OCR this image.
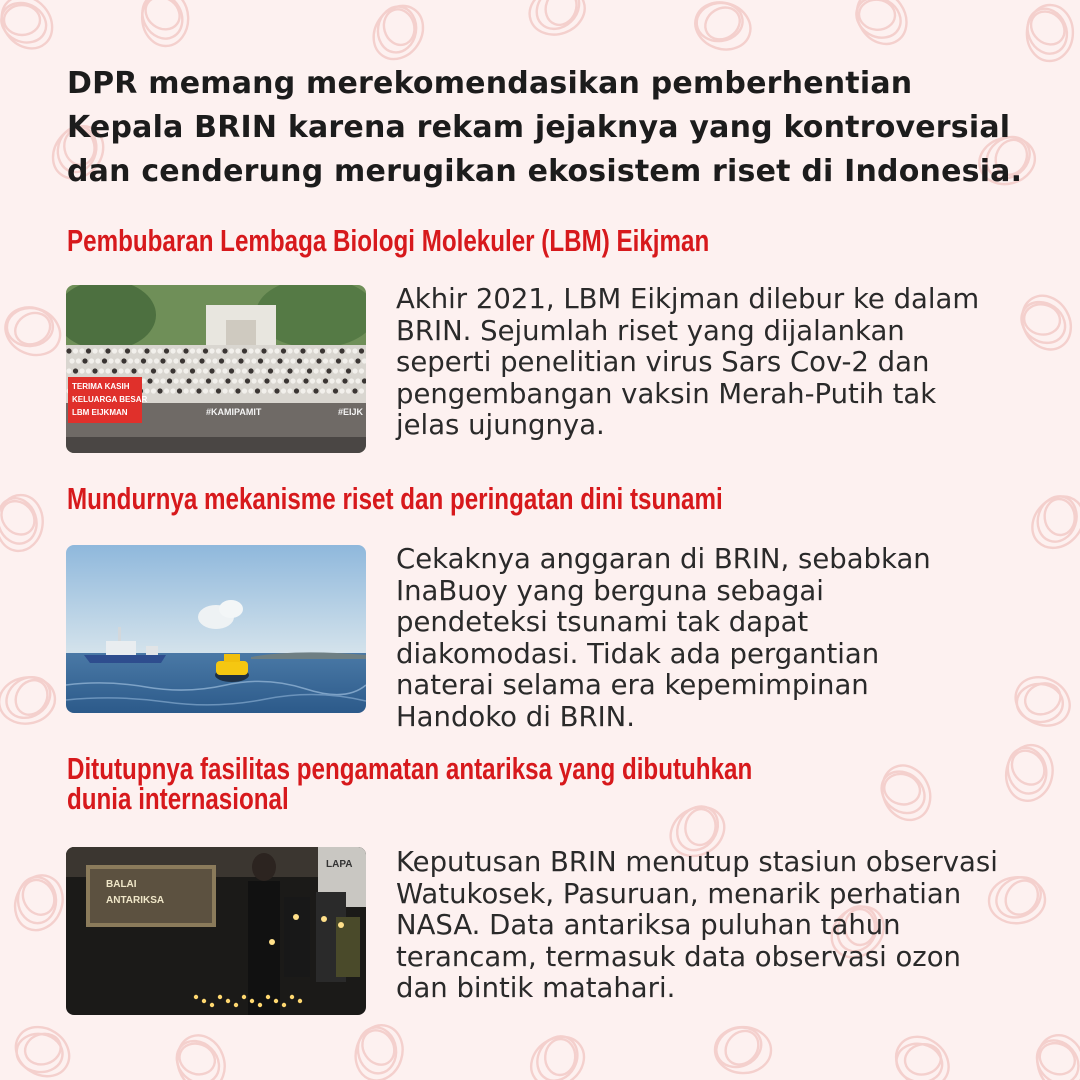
DPR memang merekomendasikan pemberhentian Kepala BRIN karena rekam jejaknya yang kontroversial dan cenderung merugikan ekosistem riset di Indonesia.

Pembubaran Lembaga Biologi Molekuler (LBM) Eikjman
TERIMA KASIH
KELUARGA BESAR
LBM EIJKMAN	#KAMIPAMIT	#EIJK

Akhir 2021, LBM Eikjman dilebur ke dalam
BRIN. Sejumlah riset yang dijalankan
seperti penelitian virus Sars Cov-2 dan
pengembangan vaksin Merah-Putih tak
jelas ujungnya.

Mundurnya mekanisme riset dan peringatan dini tsunami

Cekaknya anggaran di BRIN, sebabkan
InaBuoy yang berguna sebagai
pendeteksi tsunami tak dapat
diakomodasi. Tidak ada pergantian
naterai selama era kepemimpinan
Handoko di BRIN.

Ditutupnya fasilitas pengamatan antariksa yang dibutuhkan
dunia internasional
BALAI
ANTARIKSA
LAPA Keputusan BRIN menutup stasiun observasi
Watukosek, Pasuruan, menarik perhatian
NASA. Data antariksa puluhan tahun
terancam, termasuk data observasi ozon
dan bintik matahari.
